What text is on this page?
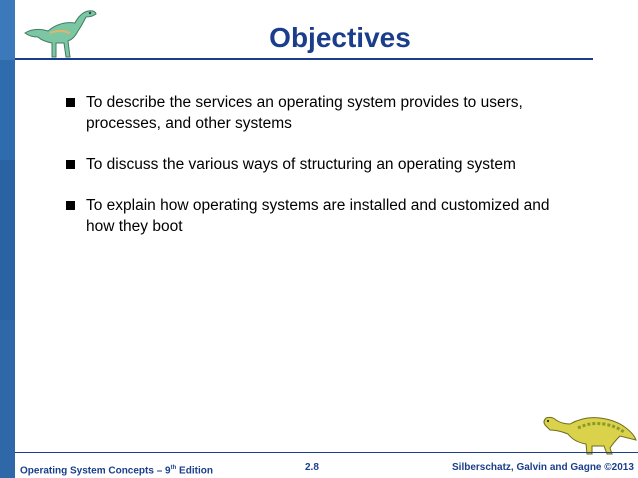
Objectives
To describe the services an operating system provides to users, processes, and other systems
To discuss the various ways of structuring an operating system
To explain how operating systems are installed and customized and how they boot
Operating System Concepts – 9th Edition	2.8	Silberschatz, Galvin and Gagne ©2013
